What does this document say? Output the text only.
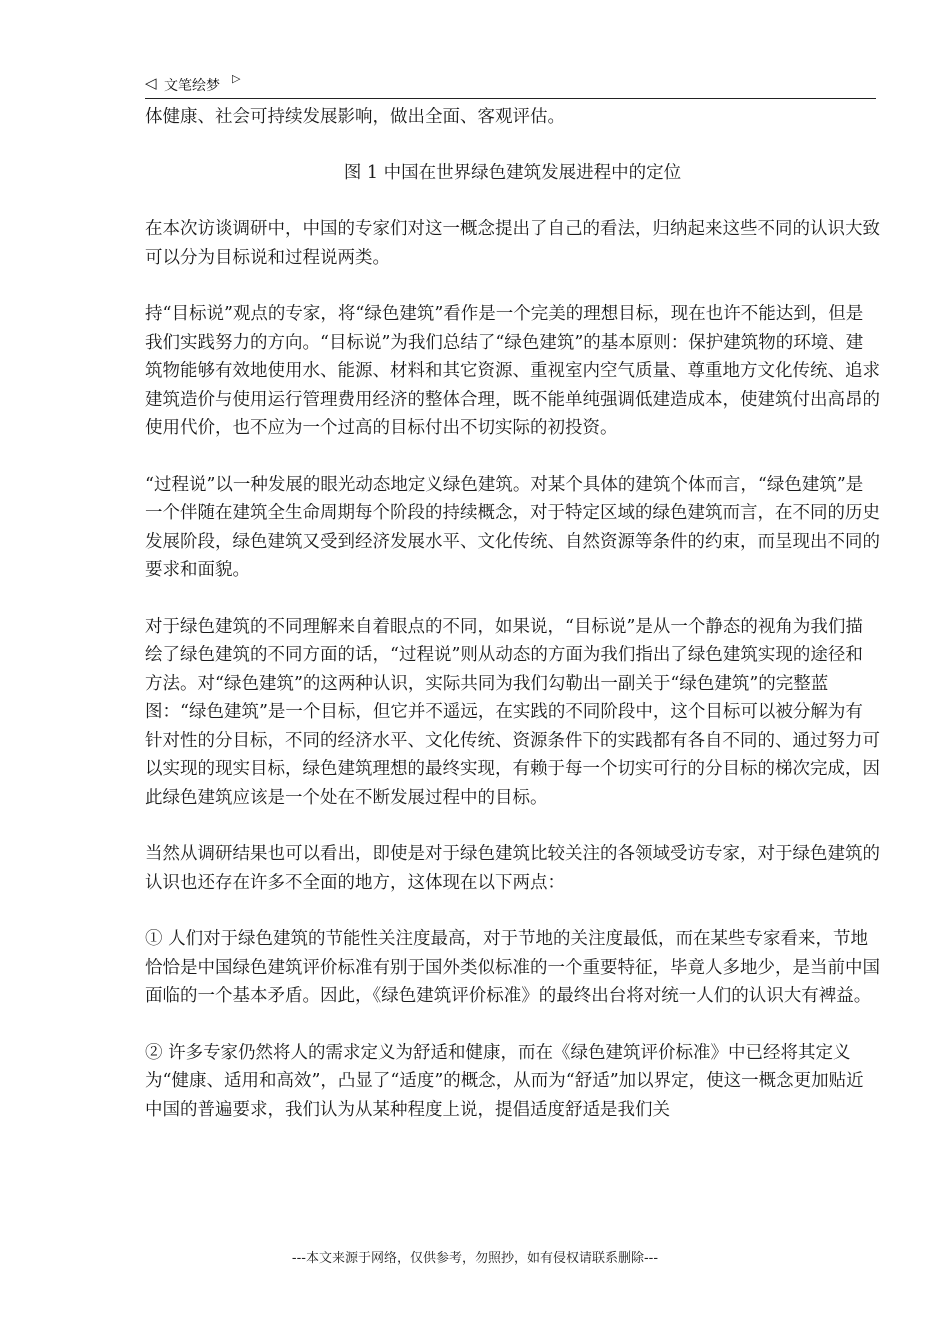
◁ 文笔绘梦 ▷

体健康、社会可持续发展影响，做出全面、客观评估。

图 1 中国在世界绿色建筑发展进程中的定位

在本次访谈调研中，中国的专家们对这一概念提出了自己的看法，归纳起来这些不同的认识大致可以分为目标说和过程说两类。

持“目标说”观点的专家，将“绿色建筑”看作是一个完美的理想目标，现在也许不能达到，但是我们实践努力的方向。“目标说”为我们总结了“绿色建筑”的基本原则：保护建筑物的环境、建筑物能够有效地使用水、能源、材料和其它资源、重视室内空气质量、尊重地方文化传统、追求建筑造价与使用运行管理费用经济的整体合理，既不能单纯强调低建造成本，使建筑付出高昂的使用代价，也不应为一个过高的目标付出不切实际的初投资。

“过程说”以一种发展的眼光动态地定义绿色建筑。对某个具体的建筑个体而言，“绿色建筑”是一个伴随在建筑全生命周期每个阶段的持续概念，对于特定区域的绿色建筑而言，在不同的历史发展阶段，绿色建筑又受到经济发展水平、文化传统、自然资源等条件的约束，而呈现出不同的要求和面貌。

对于绿色建筑的不同理解来自着眼点的不同，如果说，“目标说”是从一个静态的视角为我们描绘了绿色建筑的不同方面的话，“过程说”则从动态的方面为我们指出了绿色建筑实现的途径和方法。对“绿色建筑”的这两种认识，实际共同为我们勾勒出一副关于“绿色建筑”的完整蓝图：“绿色建筑”是一个目标，但它并不遥远，在实践的不同阶段中，这个目标可以被分解为有针对性的分目标，不同的经济水平、文化传统、资源条件下的实践都有各自不同的、通过努力可以实现的现实目标，绿色建筑理想的最终实现，有赖于每一个切实可行的分目标的梯次完成，因此绿色建筑应该是一个处在不断发展过程中的目标。

当然从调研结果也可以看出，即使是对于绿色建筑比较关注的各领域受访专家，对于绿色建筑的认识也还存在许多不全面的地方，这体现在以下两点：

① 人们对于绿色建筑的节能性关注度最高，对于节地的关注度最低，而在某些专家看来，节地恰恰是中国绿色建筑评价标准有别于国外类似标准的一个重要特征，毕竟人多地少，是当前中国面临的一个基本矛盾。因此，《绿色建筑评价标准》的最终出台将对统一人们的认识大有裨益。

② 许多专家仍然将人的需求定义为舒适和健康，而在《绿色建筑评价标准》中已经将其定义为“健康、适用和高效”，凸显了“适度”的概念，从而为“舒适”加以界定，使这一概念更加贴近中国的普遍要求，我们认为从某种程度上说，提倡适度舒适是我们关

---本文来源于网络，仅供参考，勿照抄，如有侵权请联系删除---
